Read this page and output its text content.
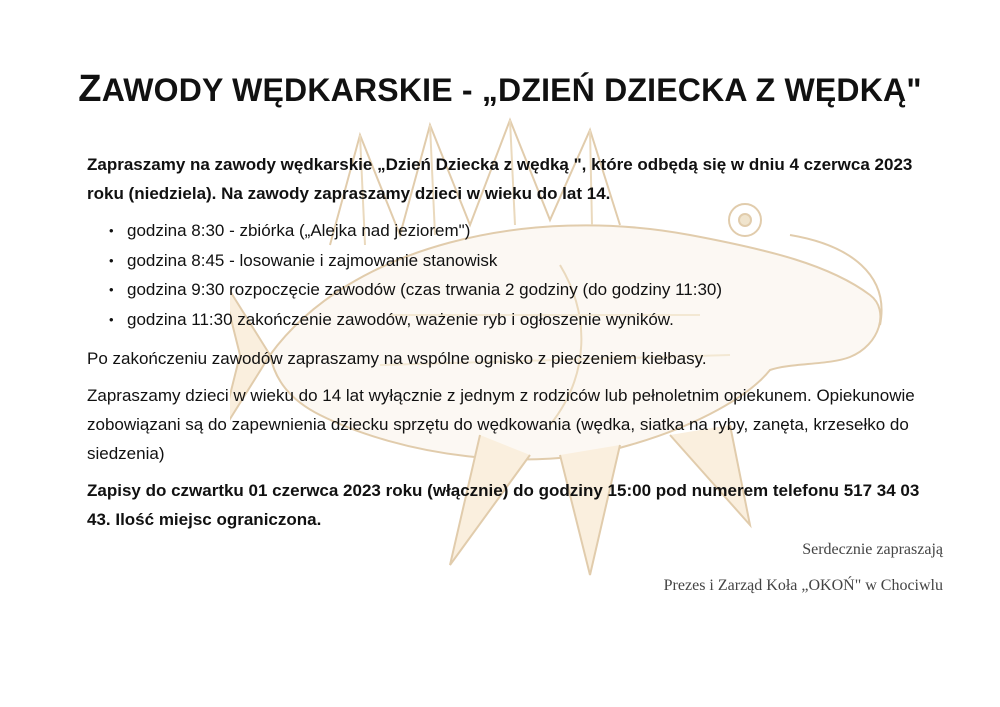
ZAWODY WĘDKARSKIE - „DZIEŃ DZIECKA Z WĘDKĄ"

Zapraszamy na zawody wędkarskie „Dzień Dziecka z wędką ", które odbędą się w dniu 4 czerwca 2023 roku (niedziela). Na zawody zapraszamy dzieci w wieku do lat 14.

• godzina 8:30 - zbiórka („Alejka nad jeziorem")
• godzina 8:45 - losowanie i zajmowanie stanowisk
• godzina 9:30 rozpoczęcie zawodów (czas trwania 2 godziny (do godziny 11:30)
• godzina 11:30 zakończenie zawodów, ważenie ryb i ogłoszenie wyników.

Po zakończeniu zawodów zapraszamy na wspólne ognisko z pieczeniem kiełbasy.

Zapraszamy dzieci w wieku do 14 lat wyłącznie z jednym z rodziców lub pełnoletnim opiekunem. Opiekunowie zobowiązani są do zapewnienia dziecku sprzętu do wędkowania (wędka, siatka na ryby, zanęta, krzesełko do siedzenia)

Zapisy do czwartku 01 czerwca 2023 roku (włącznie) do godziny 15:00 pod numerem telefonu 517 34 03 43. Ilość miejsc ograniczona.

Serdecznie zapraszają
Prezes i Zarząd Koła „OKOŃ" w Chociwlu
